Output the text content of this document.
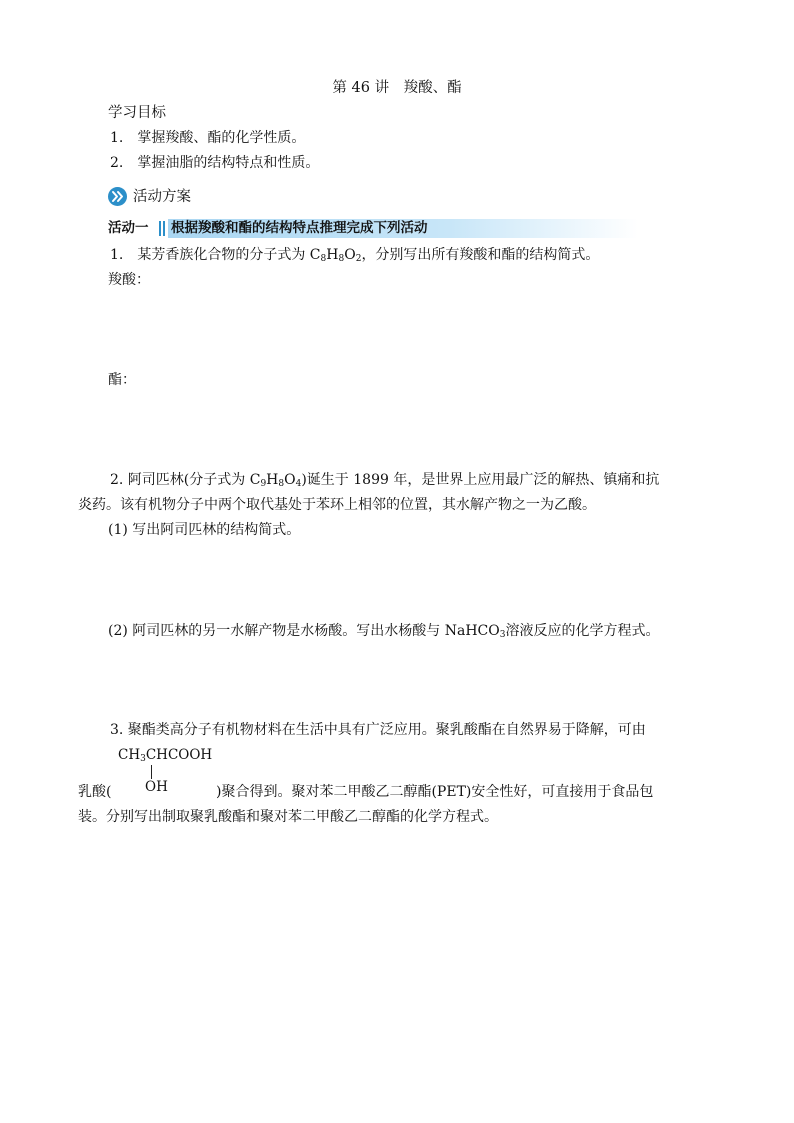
第 46 讲　羧酸、酯
学习目标
1. 掌握羧酸、酯的化学性质。
2. 掌握油脂的结构特点和性质。
活动方案
活动一 根据羧酸和酯的结构特点推理完成下列活动
1.　某芳香族化合物的分子式为 $C_8H_8O_2$，分别写出所有羧酸和酯的结构简式。
羧酸：
酯：
2. 阿司匹林(分子式为 $C_9H_8O_4$)诞生于 1899 年，是世界上应用最广泛的解热、镇痛和抗
炎药。该有机物分子中两个取代基处于苯环上相邻的位置，其水解产物之一为乙酸。
(1) 写出阿司匹林的结构简式。
(2) 阿司匹林的另一水解产物是水杨酸。写出水杨酸与 NaHCO$_3$溶液反应的化学方程式。
3. 聚酯类高分子有机物材料在生活中具有广泛应用。聚乳酸酯在自然界易于降解，可由
$CH_3CHCOOH$
OH
乳酸(	)聚合得到。聚对苯二甲酸乙二醇酯(PET)安全性好，可直接用于食品包
装。分别写出制取聚乳酸酯和聚对苯二甲酸乙二醇酯的化学方程式。
